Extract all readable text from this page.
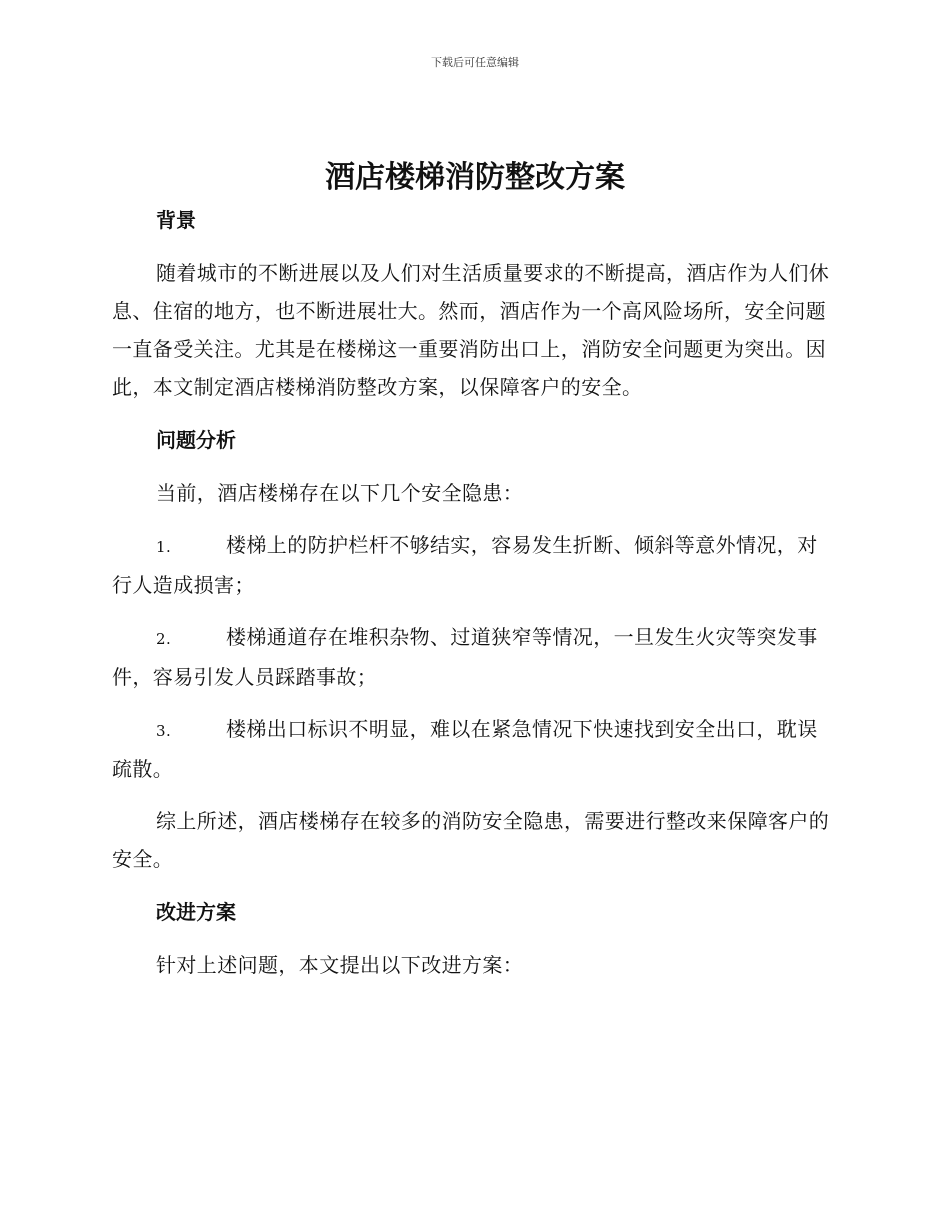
下载后可任意编辑
酒店楼梯消防整改方案
背景

随着城市的不断进展以及人们对生活质量要求的不断提高，酒店作为人们休息、住宿的地方，也不断进展壮大。然而，酒店作为一个高风险场所，安全问题一直备受关注。尤其是在楼梯这一重要消防出口上，消防安全问题更为突出。因此，本文制定酒店楼梯消防整改方案，以保障客户的安全。

问题分析

当前，酒店楼梯存在以下几个安全隐患：

1.	楼梯上的防护栏杆不够结实，容易发生折断、倾斜等意外情况，对行人造成损害；
2.	楼梯通道存在堆积杂物、过道狭窄等情况，一旦发生火灾等突发事件，容易引发人员踩踏事故；
3.	楼梯出口标识不明显，难以在紧急情况下快速找到安全出口，耽误疏散。

综上所述，酒店楼梯存在较多的消防安全隐患，需要进行整改来保障客户的安全。

改进方案

针对上述问题，本文提出以下改进方案：
